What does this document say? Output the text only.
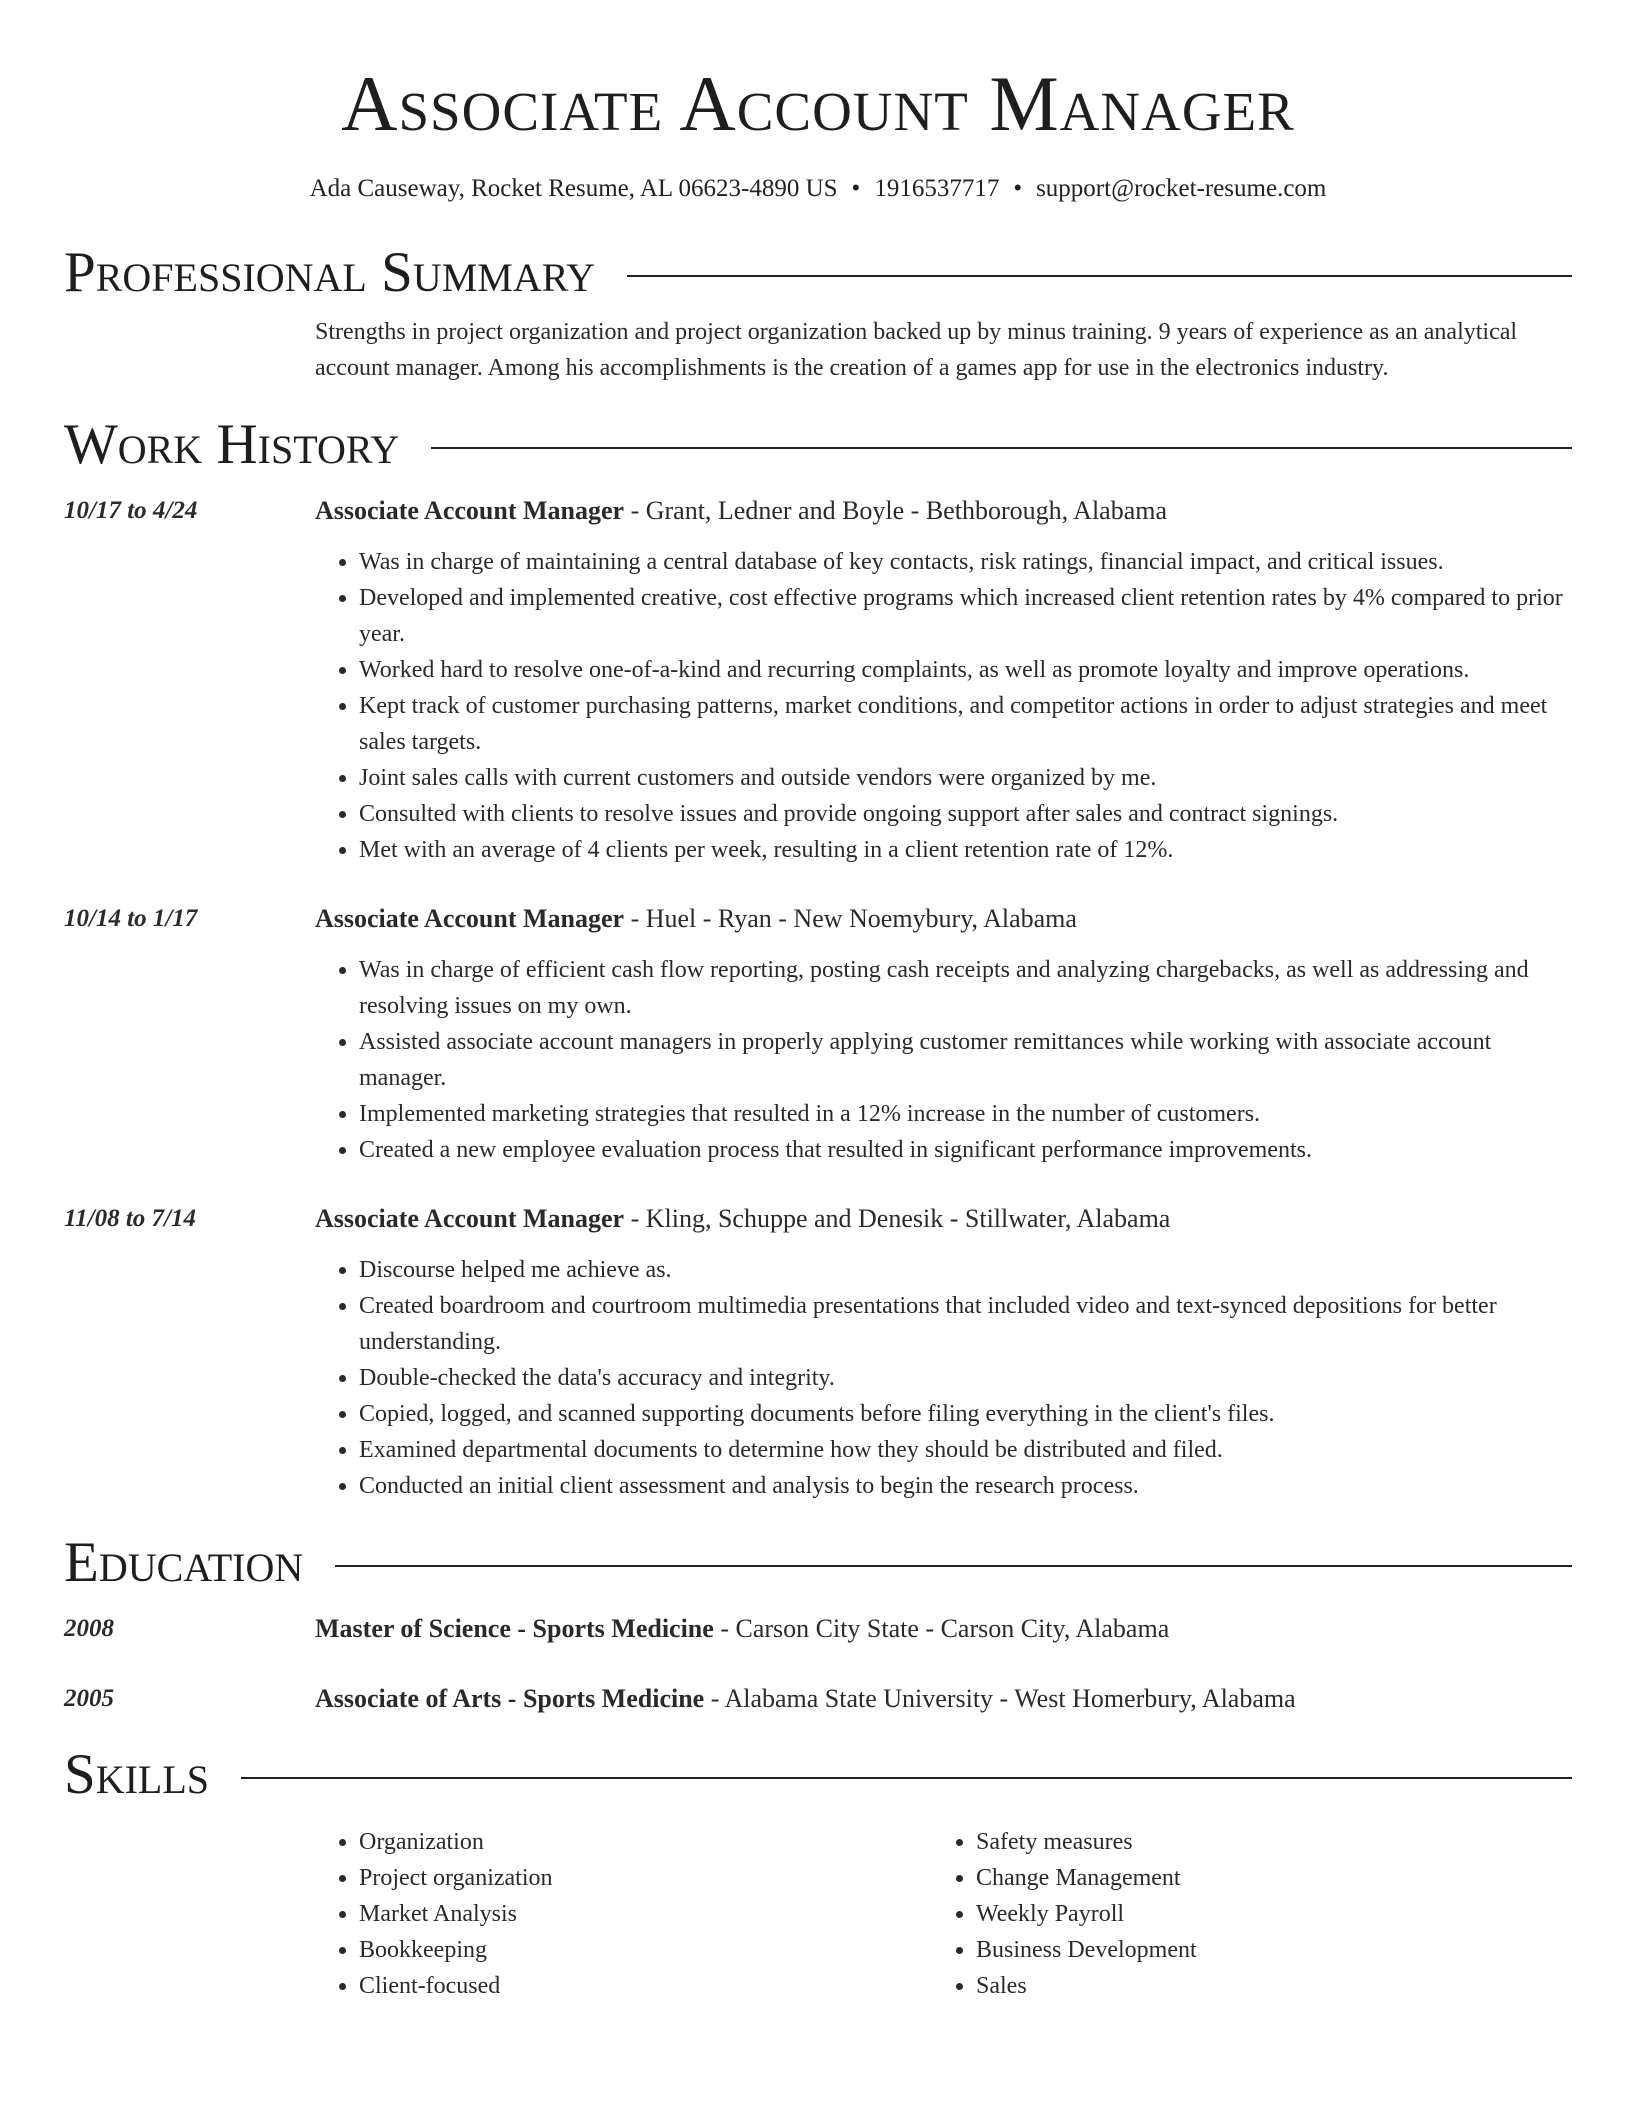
Associate Account Manager
Ada Causeway, Rocket Resume, AL 06623-4890 US • 1916537717 • support@rocket-resume.com
Professional Summary
Strengths in project organization and project organization backed up by minus training. 9 years of experience as an analytical account manager. Among his accomplishments is the creation of a games app for use in the electronics industry.
Work History
10/17 to 4/24	Associate Account Manager - Grant, Ledner and Boyle - Bethborough, Alabama
• Was in charge of maintaining a central database of key contacts, risk ratings, financial impact, and critical issues.
• Developed and implemented creative, cost effective programs which increased client retention rates by 4% compared to prior year.
• Worked hard to resolve one-of-a-kind and recurring complaints, as well as promote loyalty and improve operations.
• Kept track of customer purchasing patterns, market conditions, and competitor actions in order to adjust strategies and meet sales targets.
• Joint sales calls with current customers and outside vendors were organized by me.
• Consulted with clients to resolve issues and provide ongoing support after sales and contract signings.
• Met with an average of 4 clients per week, resulting in a client retention rate of 12%.
10/14 to 1/17	Associate Account Manager - Huel - Ryan - New Noemybury, Alabama
• Was in charge of efficient cash flow reporting, posting cash receipts and analyzing chargebacks, as well as addressing and resolving issues on my own.
• Assisted associate account managers in properly applying customer remittances while working with associate account manager.
• Implemented marketing strategies that resulted in a 12% increase in the number of customers.
• Created a new employee evaluation process that resulted in significant performance improvements.
11/08 to 7/14	Associate Account Manager - Kling, Schuppe and Denesik - Stillwater, Alabama
• Discourse helped me achieve as.
• Created boardroom and courtroom multimedia presentations that included video and text-synced depositions for better understanding.
• Double-checked the data's accuracy and integrity.
• Copied, logged, and scanned supporting documents before filing everything in the client's files.
• Examined departmental documents to determine how they should be distributed and filed.
• Conducted an initial client assessment and analysis to begin the research process.
Education
2008	Master of Science - Sports Medicine - Carson City State - Carson City, Alabama
2005	Associate of Arts - Sports Medicine - Alabama State University - West Homerbury, Alabama
Skills
• Organization
• Project organization
• Market Analysis
• Bookkeeping
• Client-focused
• Safety measures
• Change Management
• Weekly Payroll
• Business Development
• Sales
